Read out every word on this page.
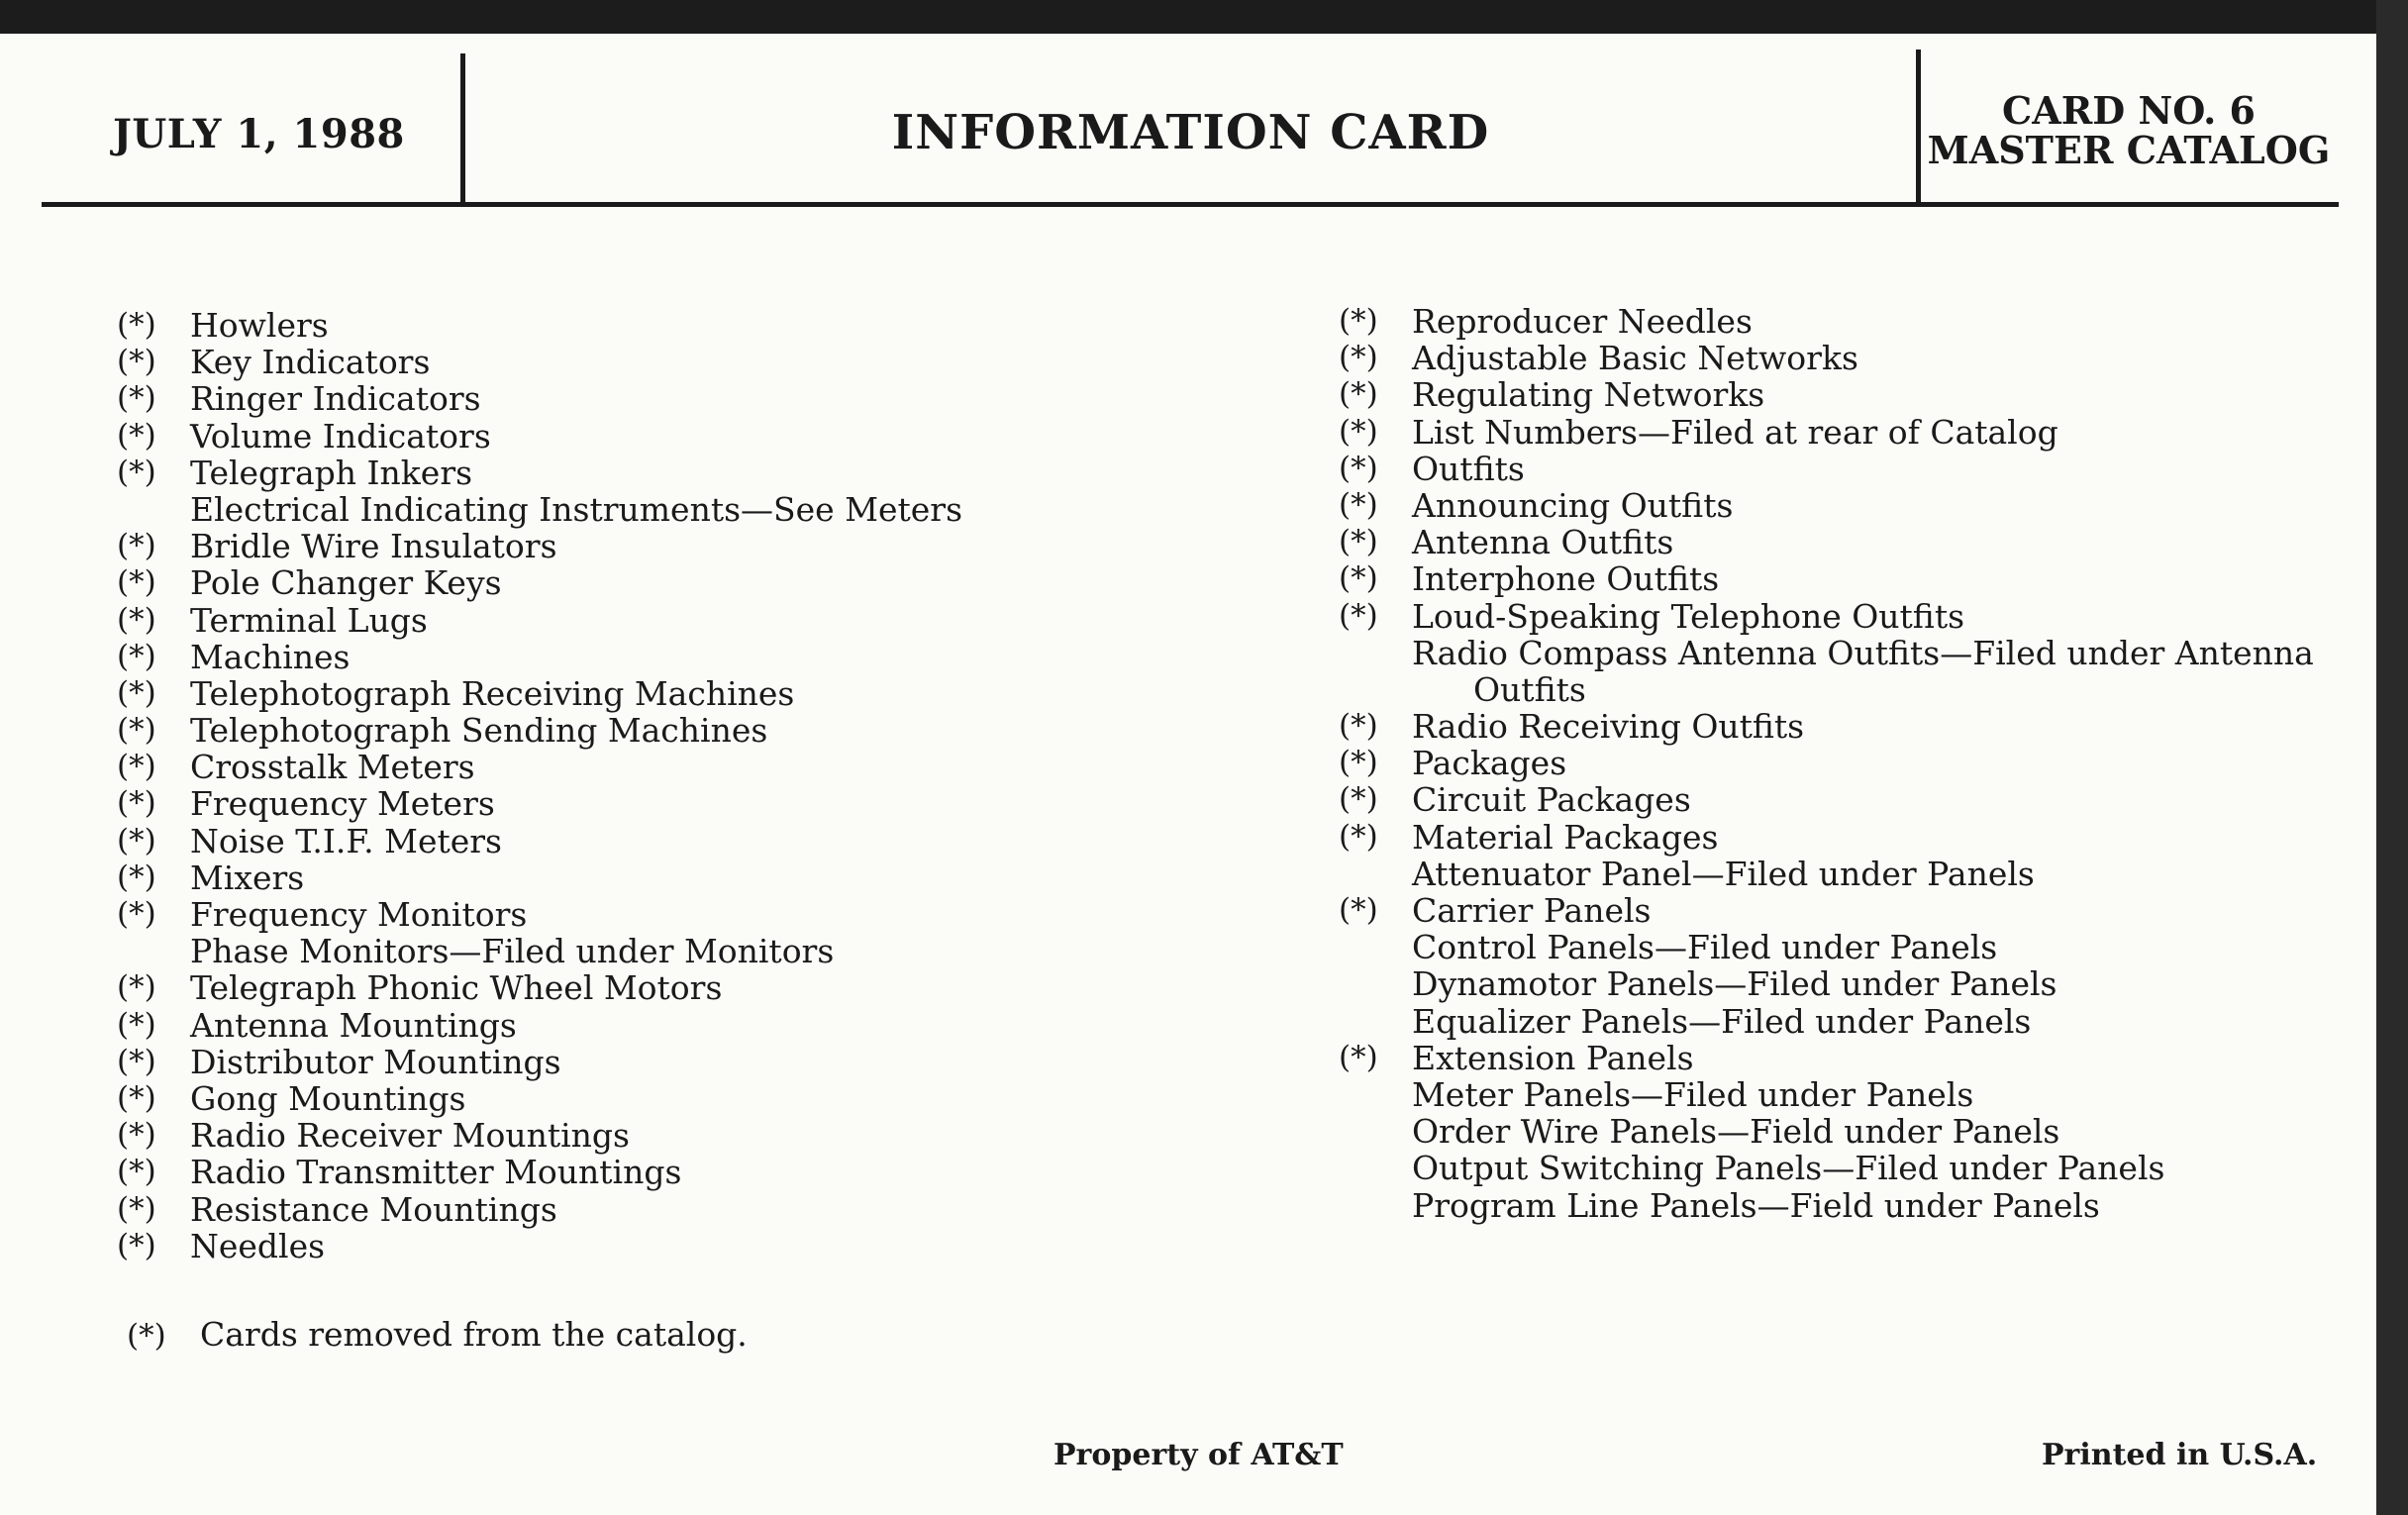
JULY 1, 1988	INFORMATION CARD	CARD NO. 6
MASTER CATALOG
(*)	Howlers
(*)	Key Indicators
(*)	Ringer Indicators
(*)	Volume Indicators
(*)	Telegraph Inkers
Electrical Indicating Instruments—See Meters
(*)	Bridle Wire Insulators
(*)	Pole Changer Keys
(*)	Terminal Lugs
(*)	Machines
(*)	Telephotograph Receiving Machines
(*)	Telephotograph Sending Machines
(*)	Crosstalk Meters
(*)	Frequency Meters
(*)	Noise T.I.F. Meters
(*)	Mixers
(*)	Frequency Monitors
Phase Monitors—Filed under Monitors
(*)	Telegraph Phonic Wheel Motors
(*)	Antenna Mountings
(*)	Distributor Mountings
(*)	Gong Mountings
(*)	Radio Receiver Mountings
(*)	Radio Transmitter Mountings
(*)	Resistance Mountings
(*)	Needles
(*)	Reproducer Needles
(*)	Adjustable Basic Networks
(*)	Regulating Networks
(*)	List Numbers—Filed at rear of Catalog
(*)	Outfits
(*)	Announcing Outfits
(*)	Antenna Outfits
(*)	Interphone Outfits
(*)	Loud-Speaking Telephone Outfits
Radio Compass Antenna Outfits—Filed under Antenna
Outfits
(*)	Radio Receiving Outfits
(*)	Packages
(*)	Circuit Packages
(*)	Material Packages
Attenuator Panel—Filed under Panels
(*)	Carrier Panels
Control Panels—Filed under Panels
Dynamotor Panels—Filed under Panels
Equalizer Panels—Filed under Panels
(*)	Extension Panels
Meter Panels—Filed under Panels
Order Wire Panels—Field under Panels
Output Switching Panels—Filed under Panels
Program Line Panels—Field under Panels
(*) Cards removed from the catalog.
Property of AT&T	Printed in U.S.A.
